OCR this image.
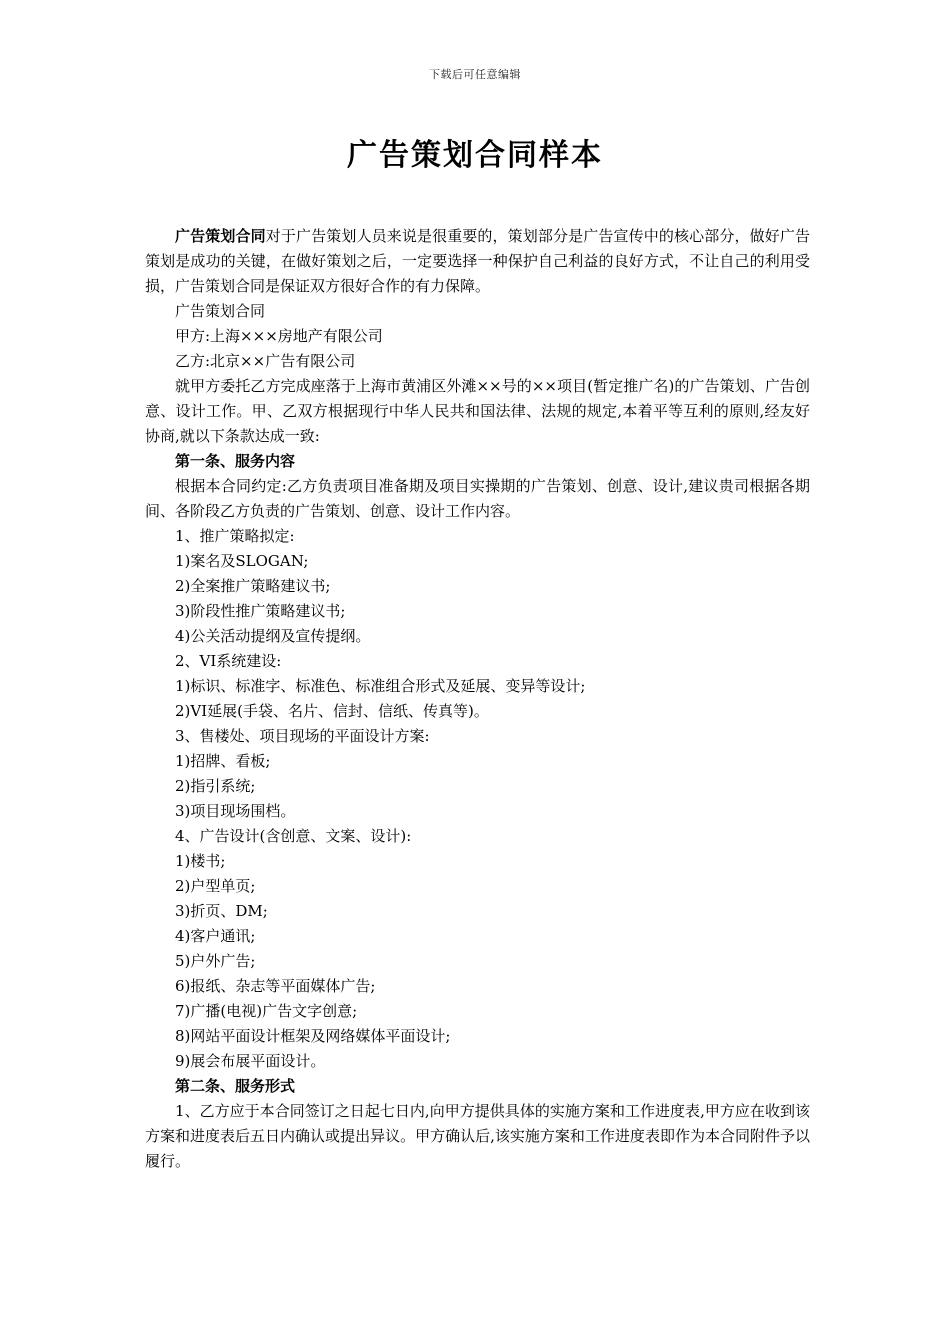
下载后可任意编辑
广告策划合同样本

广告策划合同对于广告策划人员来说是很重要的，策划部分是广告宣传中的核心部分，做好广告策划是成功的关键，在做好策划之后，一定要选择一种保护自己利益的良好方式，不让自己的利用受损，广告策划合同是保证双方很好合作的有力保障。

广告策划合同

甲方:上海×××房地产有限公司

乙方:北京××广告有限公司

就甲方委托乙方完成座落于上海市黄浦区外滩××号的××项目(暂定推广名)的广告策划、广告创意、设计工作。甲、乙双方根据现行中华人民共和国法律、法规的规定,本着平等互利的原则,经友好协商,就以下条款达成一致:

第一条、服务内容

根据本合同约定:乙方负责项目准备期及项目实操期的广告策划、创意、设计,建议贵司根据各期间、各阶段乙方负责的广告策划、创意、设计工作内容。

1、推广策略拟定:

1)案名及SLOGAN;

2)全案推广策略建议书;

3)阶段性推广策略建议书;

4)公关活动提纲及宣传提纲。

2、VI系统建设:

1)标识、标准字、标准色、标准组合形式及延展、变异等设计;

2)VI延展(手袋、名片、信封、信纸、传真等)。

3、售楼处、项目现场的平面设计方案:

1)招牌、看板;

2)指引系统;

3)项目现场围档。

4、广告设计(含创意、文案、设计):

1)楼书;

2)户型单页;

3)折页、DM;

4)客户通讯;

5)户外广告;

6)报纸、杂志等平面媒体广告;

7)广播(电视)广告文字创意;

8)网站平面设计框架及网络媒体平面设计;

9)展会布展平面设计。

第二条、服务形式

1、乙方应于本合同签订之日起七日内,向甲方提供具体的实施方案和工作进度表,甲方应在收到该方案和进度表后五日内确认或提出异议。甲方确认后,该实施方案和工作进度表即作为本合同附件予以履行。
